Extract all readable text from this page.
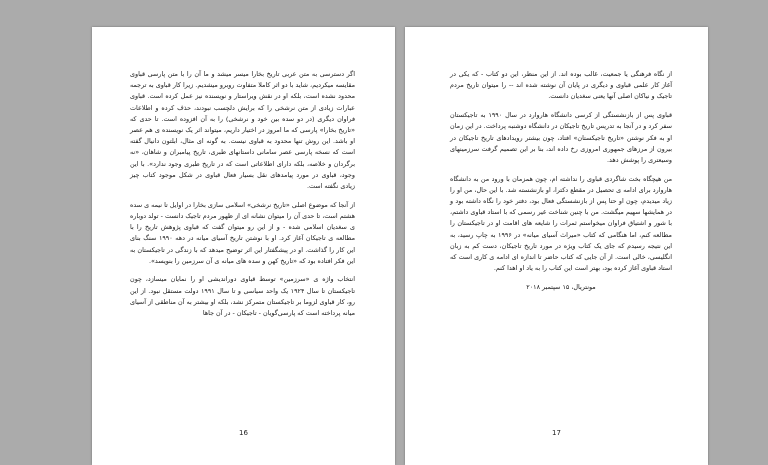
اگر دسترسی به متن عربی تاریخ بخارا میسر میشد و ما آن را با متن پارسی قباوی مقایسه میکردیم، شاید با دو اثر کاملا متفاوت روبرو میشدیم. زیرا کار قباوی به ترجمه محدود نشده است، بلکه او در نقش ویراستار و نویسنده نیز عمل کرده است. قباوی عبارات زیادی از متن نرشخی را که برایش دلچسب نبودند، حذف کرده و اطلاعات فراوان دیگری (در دو سده بین خود و نرشخی) را به آن افزوده است. تا حدی که «تاریخ بخارا» پارسی که ما امروز در اختیار داریم، میتواند اثر یک نویسنده ی هم عصر او باشد. این روش تنها محدود به قباوی نیست. به گونه ای مثال، ابلتون دانیال گفته است که نسخه پارسی عصر سامانی داستانهای طبری، تاریخ پیامبران و شاهان، «نه برگردان و خلاصه، بلکه دارای اطلاعاتی است که در تاریخ طبری وجود ندارد». با این وجود، قباوی در مورد پیامدهای نقل بسیار فعال قباوی در شکل موجود کتاب چیز زیادی نگفته است.

از آنجا که موضوع اصلی «تاریخ نرشخی» اسلامی سازی بخارا در اوایل تا نیمه ی سده هشتم است، تا حدی آن را میتوان نشانه ای از ظهور مردم تاجیک دانست - تولد دوباره ی سغدیان اسلامی شده - و از این رو میتوان گفت که قباوی پژوهش تاریخ را با مطالعه ی تاجیکان آغاز کرد. او با نوشتن تاریخ آسیای میانه در دهه ۱۹۹۰ سنگ بنای این کار را گذاشت. او در پیشگفتار این اثر توضیح میدهد که با زندگی در تاجیکستان به این فکر افتاده بود که «تاریخ کهن و سده های میانه ی آن سرزمین را بنویسد».

انتخاب واژه ی «سرزمین» توسط قباوی دوراندیشی او را نمایان میسازد، چون تاجیکستان تا سال ۱۹۲۴ یک واحد سیاسی و تا سال ۱۹۹۱ دولت مستقل نبود. از این رو، کار قباوی لزوما بر تاجیکستان متمرکز نشد، بلکه او بیشتر به آن مناطقی از آسیای میانه پرداخته است که پارسی‌گویان - تاجیکان - در آن جاها

16

از نگاه فرهنگی یا جمعیت، غالب بوده اند. از این منظر، این دو کتاب - که یکی در آغاز کار علمی قباوی و دیگری در پایان آن نوشته شده اند -- را میتوان تاریخ مردم تاجیک و نیاکان اصلی آنها یعنی سغدیان دانست.

قباوی پس از بازنشستگی از کرسی دانشگاه هاروارد در سال ۱۹۹۰ به تاجیکستان سفر کرد و در آنجا به تدریس تاریخ تاجیکان در دانشگاه دوشنبه پرداخت. در این زمان او به فکر نوشتن «تاریخ تاجیکستان» افتاد، چون بیشتر رویدادهای تاریخ تاجیکان در بیرون از مرزهای جمهوری امروزی رخ داده اند، بنا بر این تصمیم گرفت سرزمینهای وسیعتری را پوشش دهد.

من هیچگاه بخت شاگردی قباوی را نداشته ام، چون همزمان با ورود من به دانشگاه هاروارد برای ادامه ی تحصیل در مقطع دکترا، او بازنشسته شد. با این حال، من او را زیاد میدیدم، چون او حتا پس از بازنشستگی فعال بود، دفتر خود را نگاه داشته بود و در همایشها سهیم میگشت. من با چنین شناخت غیر رسمی که با استاد قباوی داشتم، با شور و اشتیاق فراوان میخواستم ثمرات را شایعه های اقامت او در تاجیکستان را مطالعه کنم، اما هنگامی که کتاب «میراث آسیای میانه» در ۱۹۹۶ به چاپ رسید، به این نتیجه رسیدم که جای یک کتاب ویژه در مورد تاریخ تاجیکان، دست کم به زبان انگلیسی، خالی است. از آن جایی که کتاب حاضر تا اندازه ای ادامه ی کاری است که استاد قباوی آغاز کرده بود، بهتر است این کتاب را به یاد او اهدا کنم.

مونتریال، ۱۵ سپتمبر ۲۰۱۸

17
